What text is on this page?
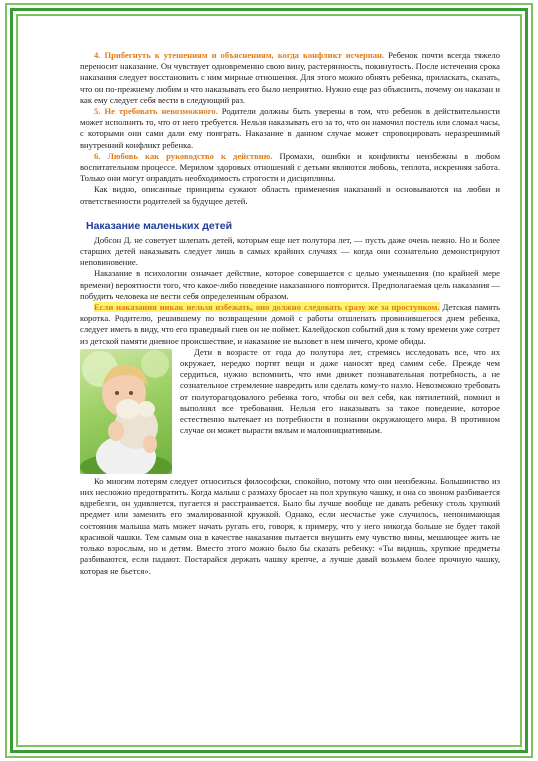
4. Прибегнуть к утешениям и объяснениям, когда конфликт исчерпан. Ребенок почти всегда тяжело переносит наказание. Он чувствует одновременно свою вину, растерянность, покинутость. После истечения срока наказания следует восстановить с ним мирные отношения. Для этого можно обнять ребенка, приласкать, сказать, что он по-прежнему любим и что наказывать его было неприятно. Нужно еще раз объяснить, почему он наказан и как ему следует себя вести в следующий раз.

5. Не требовать невозможного. Родители должны быть уверены в том, что ребенок в действительности может исполнить то, что от него требуется. Нельзя наказывать его за то, что он намочил постель или сломал часы, с которыми они сами дали ему поиграть. Наказание в данном случае может спровоцировать неразрешимый внутренний конфликт ребенка.

6. Любовь как руководство к действию. Промахи, ошибки и конфликты неизбежны в любом воспитательном процессе. Мерилом здоровых отношений с детьми являются любовь, теплота, искренняя забота. Только они могут оправдать необходимость строгости и дисциплины.

Как видно, описанные принципы сужают область применения наказаний и основываются на любви и ответственности родителей за будущее детей.

Наказание маленьких детей

Добсон Д. не советует шлепать детей, которым еще нет полутора лет, — пусть даже очень нежно. Но и более старших детей наказывать следует лишь в самых крайних случаях — когда они сознательно демонстрируют неповиновение.

Наказание в психологии означает действие, которое совершается с целью уменьшения (по крайней мере времени) вероятности того, что какое-либо поведение наказанного повторится. Предполагаемая цель наказания — побудить человека не вести себя определенным образом.

Если наказания никак нельзя избежать, оно должно следовать сразу же за проступком. Детская память коротка. Родителю, решившему по возвращении домой с работы отшлепать провинившегося днем ребенка, следует иметь в виду, что его праведный гнев он не поймет. Калейдоскоп событий дня к тому времени уже сотрет из детской памяти дневное происшествие, и наказание не вызовет в нем ничего, кроме обиды.

Дети в возрасте от года до полутора лет, стремясь исследовать все, что их окружает, нередко портят вещи и даже наносят вред самим себе. Прежде чем сердиться, нужно вспомнить, что ими движет познавательная потребность, а не сознательное стремление навредить или сделать кому-то назло. Невозможно требовать от полуторагодовалого ребенка того, чтобы он вел себя, как пятилетний, помнил и выполнял все требования. Нельзя его наказывать за такое поведение, которое естественно вытекает из потребности в познании окружающего мира. В противном случае он может вырасти вялым и малоинициативным.

Ко многим потерям следует относиться философски, спокойно, потому что они неизбежны. Большинство из них несложно предотвратить. Когда малыш с размаху бросает на пол хрупкую чашку, и она со звоном разбивается вдребезги, он удивляется, пугается и расстраивается. Было бы лучше вообще не давать ребенку столь хрупкий предмет или заменить его эмалированной кружкой. Однако, если несчастье уже случилось, непонимающая состояния малыша мать может начать ругать его, говоря, к примеру, что у него никогда больше не будет такой красивой чашки. Тем самым она в качестве наказания пытается внушить ему чувство вины, мешающее жить не только взрослым, но и детям. Вместо этого можно было бы сказать ребенку: «Ты видишь, хрупкие предметы разбиваются, если падают. Постарайся держать чашку крепче, а лучше давай возьмем более прочную чашку, которая не бьется».
